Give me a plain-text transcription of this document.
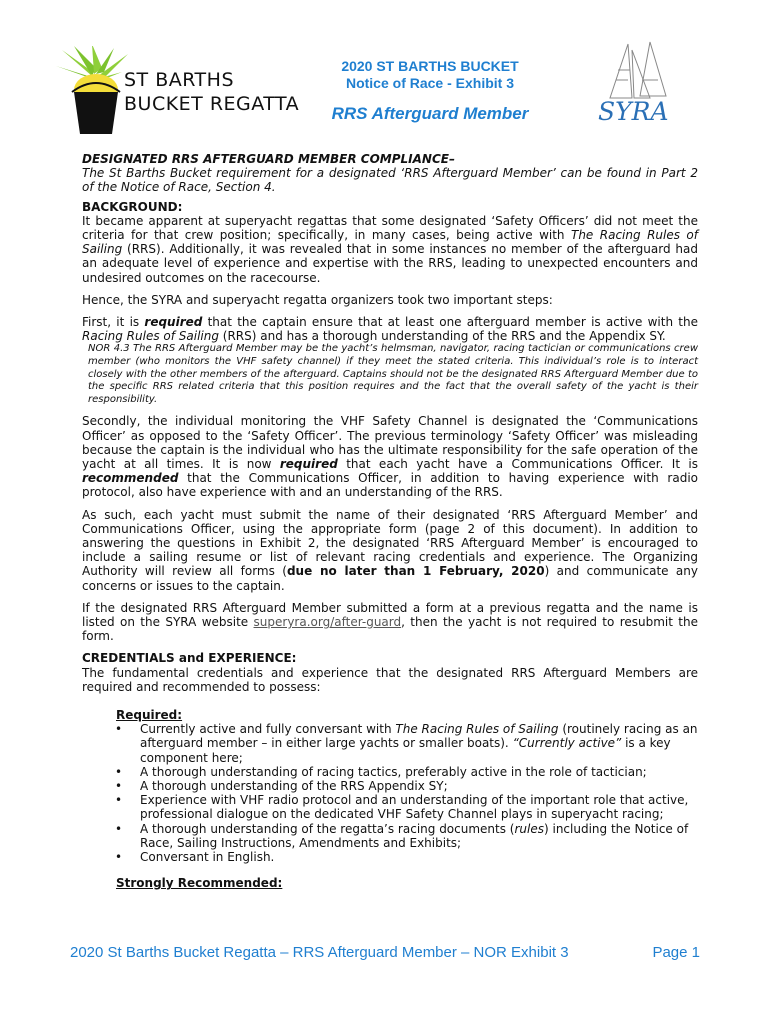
ST BARTHS
BUCKET REGATTA
2020 ST BARTHS BUCKET
Notice of Race - Exhibit 3
RRS Afterguard Member	SYRA

DESIGNATED RRS AFTERGUARD MEMBER COMPLIANCE–

The St Barths Bucket requirement for a designated ‘RRS Afterguard Member’ can be found in Part 2 of the Notice of Race, Section 4.

BACKGROUND:

It became apparent at superyacht regattas that some designated ‘Safety Officers’ did not meet the criteria for that crew position; specifically, in many cases, being active with The Racing Rules of Sailing (RRS). Additionally, it was revealed that in some instances no member of the afterguard had an adequate level of experience and expertise with the RRS, leading to unexpected encounters and undesired outcomes on the racecourse.

Hence, the SYRA and superyacht regatta organizers took two important steps:

First, it is required that the captain ensure that at least one afterguard member is active with the Racing Rules of Sailing (RRS) and has a thorough understanding of the RRS and the Appendix SY.

NOR 4.3 The RRS Afterguard Member may be the yacht’s helmsman, navigator, racing tactician or communications crew member (who monitors the VHF safety channel) if they meet the stated criteria. This individual’s role is to interact closely with the other members of the afterguard. Captains should not be the designated RRS Afterguard Member due to the specific RRS related criteria that this position requires and the fact that the overall safety of the yacht is their responsibility.

Secondly, the individual monitoring the VHF Safety Channel is designated the ‘Communications Officer’ as opposed to the ‘Safety Officer’. The previous terminology ‘Safety Officer’ was misleading because the captain is the individual who has the ultimate responsibility for the safe operation of the yacht at all times. It is now required that each yacht have a Communications Officer. It is recommended that the Communications Officer, in addition to having experience with radio protocol, also have experience with and an understanding of the RRS.

As such, each yacht must submit the name of their designated ‘RRS Afterguard Member’ and Communications Officer, using the appropriate form (page 2 of this document). In addition to answering the questions in Exhibit 2, the designated ‘RRS Afterguard Member’ is encouraged to include a sailing resume or list of relevant racing credentials and experience. The Organizing Authority will review all forms (due no later than 1 February, 2020) and communicate any concerns or issues to the captain.

If the designated RRS Afterguard Member submitted a form at a previous regatta and the name is listed on the SYRA website superyra.org/after-guard, then the yacht is not required to resubmit the form.

CREDENTIALS and EXPERIENCE:

The fundamental credentials and experience that the designated RRS Afterguard Members are required and recommended to possess:

Required:

• Currently active and fully conversant with The Racing Rules of Sailing (routinely racing as an afterguard member – in either large yachts or smaller boats). “Currently active” is a key component here;
• A thorough understanding of racing tactics, preferably active in the role of tactician;
• A thorough understanding of the RRS Appendix SY;
• Experience with VHF radio protocol and an understanding of the important role that active, professional dialogue on the dedicated VHF Safety Channel plays in superyacht racing;
• A thorough understanding of the regatta’s racing documents (rules) including the Notice of Race, Sailing Instructions, Amendments and Exhibits;
• Conversant in English.

Strongly Recommended:

2020 St Barths Bucket Regatta – RRS Afterguard Member – NOR Exhibit 3	Page 1
